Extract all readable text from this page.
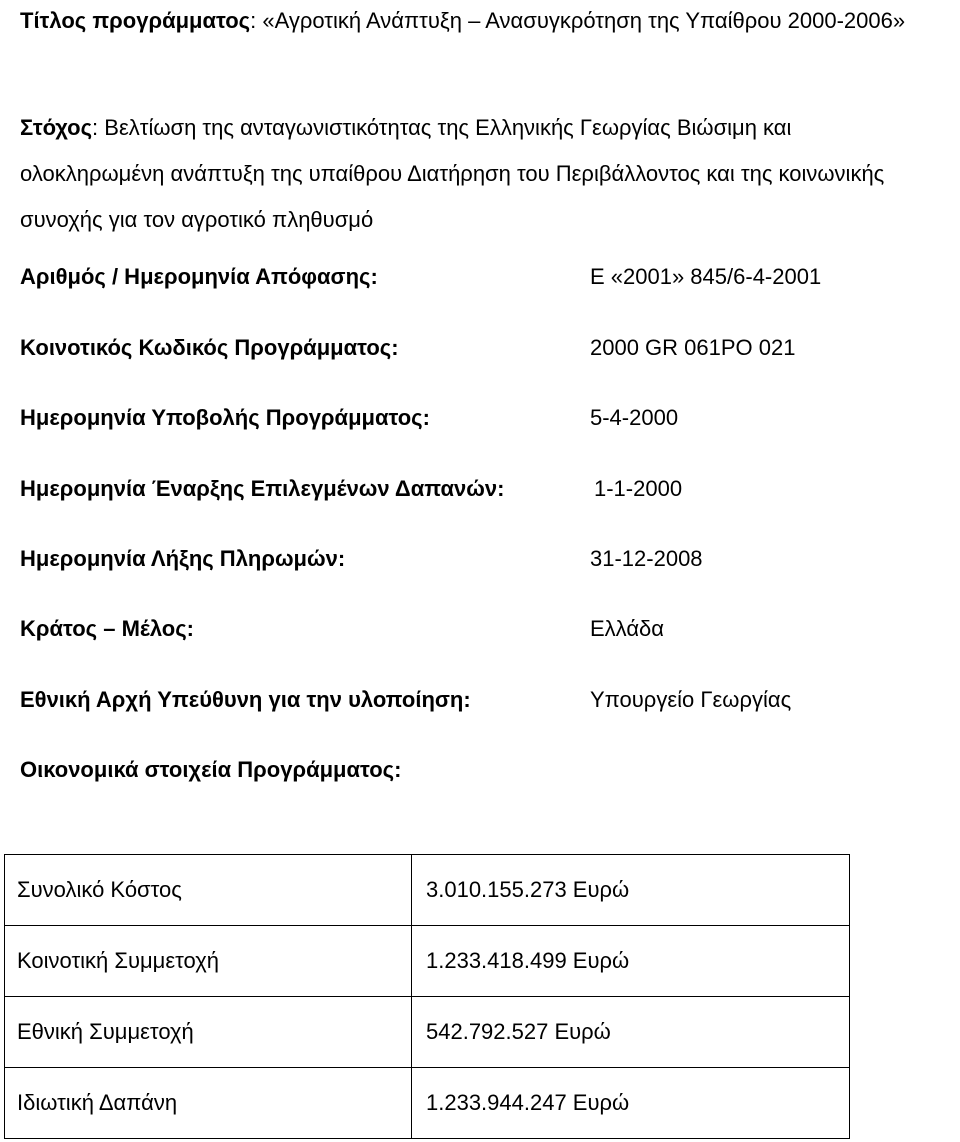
Τίτλος προγράμματος: «Αγροτική Ανάπτυξη – Ανασυγκρότηση της Υπαίθρου 2000-2006»
Στόχος: Βελτίωση της ανταγωνιστικότητας της Ελληνικής Γεωργίας Βιώσιμη και ολοκληρωμένη ανάπτυξη της υπαίθρου Διατήρηση του Περιβάλλοντος και της κοινωνικής συνοχής για τον αγροτικό πληθυσμό
Αριθμός / Ημερομηνία Απόφασης:	Ε «2001» 845/6-4-2001
Κοινοτικός Κωδικός Προγράμματος:	2000 GR 061PO 021
Ημερομηνία Υποβολής Προγράμματος:	5-4-2000
Ημερομηνία Έναρξης Επιλεγμένων Δαπανών:	1-1-2000
Ημερομηνία Λήξης Πληρωμών:	31-12-2008
Κράτος – Μέλος:	Ελλάδα
Εθνική Αρχή Υπεύθυνη για την υλοποίηση:	Υπουργείο Γεωργίας
Οικονομικά στοιχεία Προγράμματος:
Συνολικό Κόστος	3.010.155.273 Ευρώ
Κοινοτική Συμμετοχή	1.233.418.499 Ευρώ
Εθνική Συμμετοχή	542.792.527 Ευρώ
Ιδιωτική Δαπάνη	1.233.944.247 Ευρώ
